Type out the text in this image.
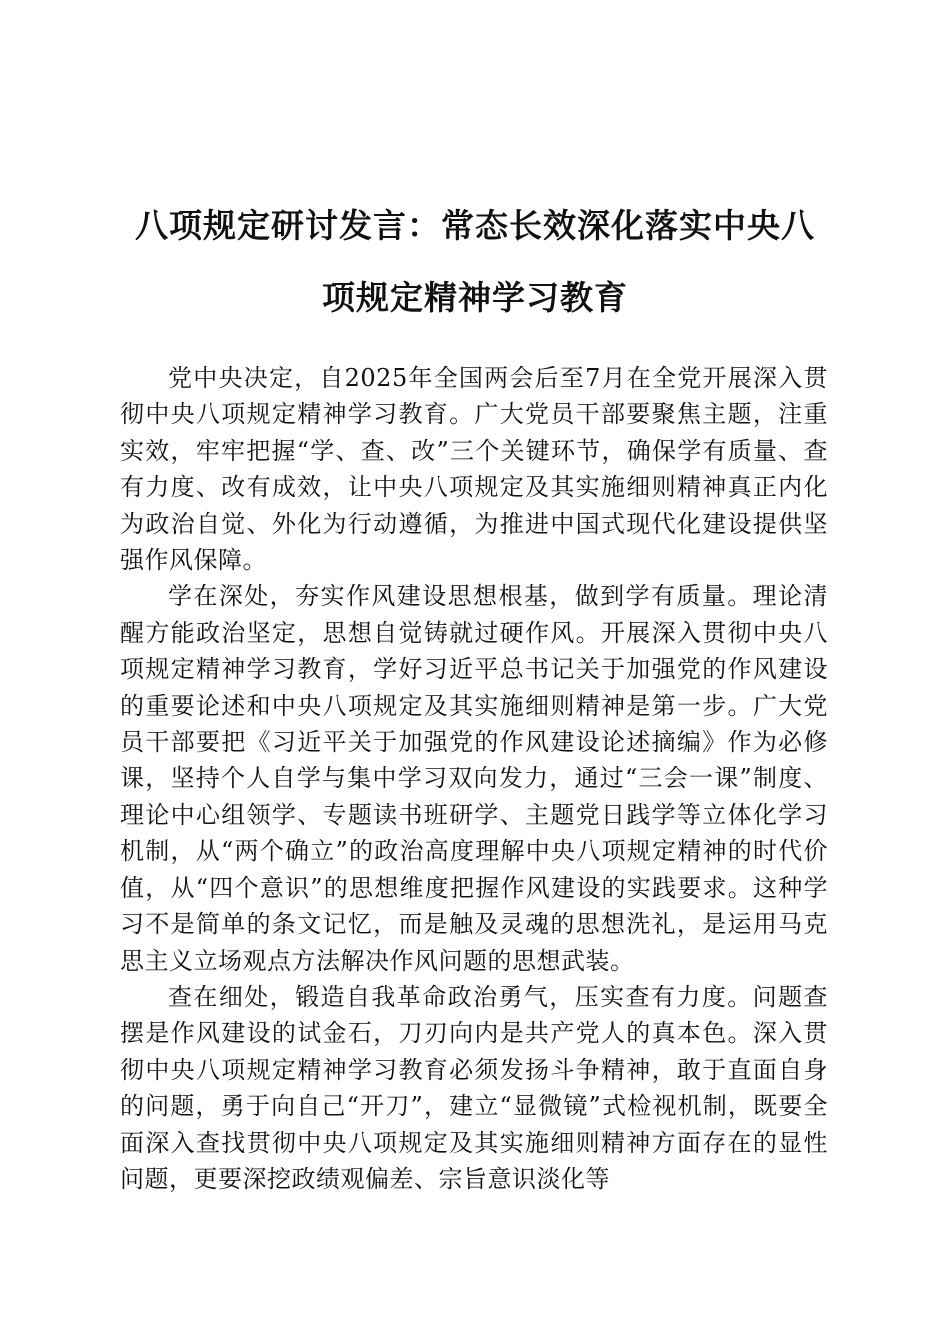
八项规定研讨发言：常态长效深化落实中央八
项规定精神学习教育

党中央决定，自2025年全国两会后至7月在全党开展深入贯彻中央八项规定精神学习教育。广大党员干部要聚焦主题，注重实效，牢牢把握“学、查、改”三个关键环节，确保学有质量、查有力度、改有成效，让中央八项规定及其实施细则精神真正内化为政治自觉、外化为行动遵循，为推进中国式现代化建设提供坚强作风保障。

学在深处，夯实作风建设思想根基，做到学有质量。理论清醒方能政治坚定，思想自觉铸就过硬作风。开展深入贯彻中央八项规定精神学习教育，学好习近平总书记关于加强党的作风建设的重要论述和中央八项规定及其实施细则精神是第一步。广大党员干部要把《习近平关于加强党的作风建设论述摘编》作为必修课，坚持个人自学与集中学习双向发力，通过“三会一课”制度、理论中心组领学、专题读书班研学、主题党日践学等立体化学习机制，从“两个确立”的政治高度理解中央八项规定精神的时代价值，从“四个意识”的思想维度把握作风建设的实践要求。这种学习不是简单的条文记忆，而是触及灵魂的思想洗礼，是运用马克思主义立场观点方法解决作风问题的思想武装。

查在细处，锻造自我革命政治勇气，压实查有力度。问题查摆是作风建设的试金石，刀刃向内是共产党人的真本色。深入贯彻中央八项规定精神学习教育必须发扬斗争精神，敢于直面自身的问题，勇于向自己“开刀”，建立“显微镜”式检视机制，既要全面深入查找贯彻中央八项规定及其实施细则精神方面存在的显性问题，更要深挖政绩观偏差、宗旨意识淡化等
